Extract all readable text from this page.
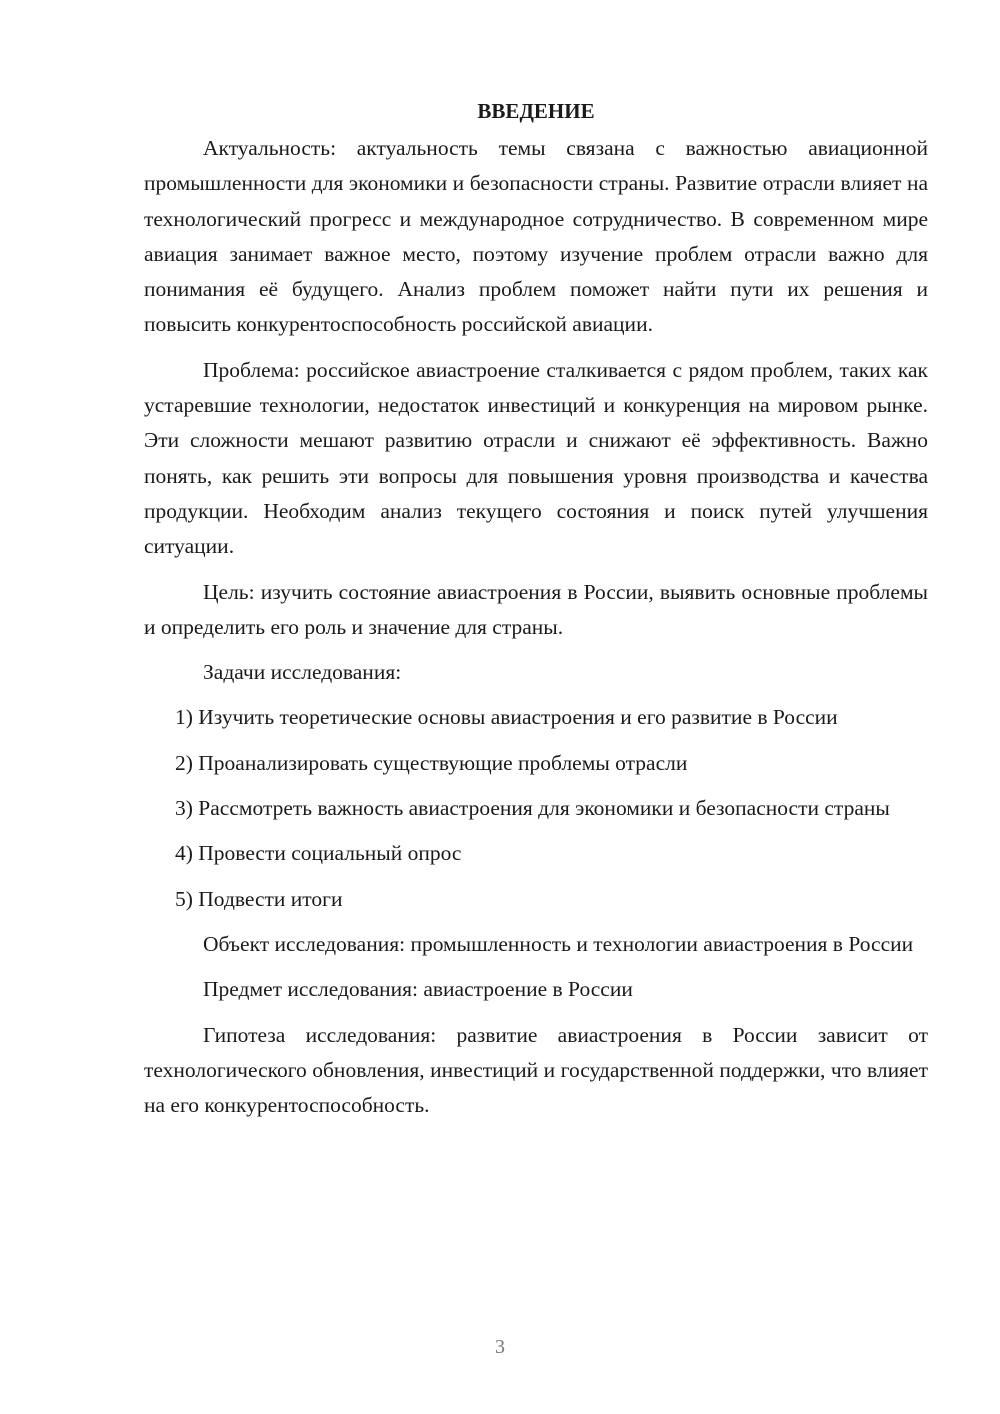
ВВЕДЕНИЕ

Актуальность: актуальность темы связана с важностью авиационной промышленности для экономики и безопасности страны. Развитие отрасли влияет на технологический прогресс и международное сотрудничество. В современном мире авиация занимает важное место, поэтому изучение проблем отрасли важно для понимания её будущего. Анализ проблем поможет найти пути их решения и повысить конкурентоспособность российской авиации.

Проблема: российское авиастроение сталкивается с рядом проблем, таких как устаревшие технологии, недостаток инвестиций и конкуренция на мировом рынке. Эти сложности мешают развитию отрасли и снижают её эффективность. Важно понять, как решить эти вопросы для повышения уровня производства и качества продукции. Необходим анализ текущего состояния и поиск путей улучшения ситуации.

Цель: изучить состояние авиастроения в России, выявить основные проблемы и определить его роль и значение для страны.

Задачи исследования:

1) Изучить теоретические основы авиастроения и его развитие в России

2) Проанализировать существующие проблемы отрасли

3) Рассмотреть важность авиастроения для экономики и безопасности страны

4) Провести социальный опрос

5) Подвести итоги

Объект исследования: промышленность и технологии авиастроения в России

Предмет исследования: авиастроение в России

Гипотеза исследования: развитие авиастроения в России зависит от технологического обновления, инвестиций и государственной поддержки, что влияет на его конкурентоспособность.

3
